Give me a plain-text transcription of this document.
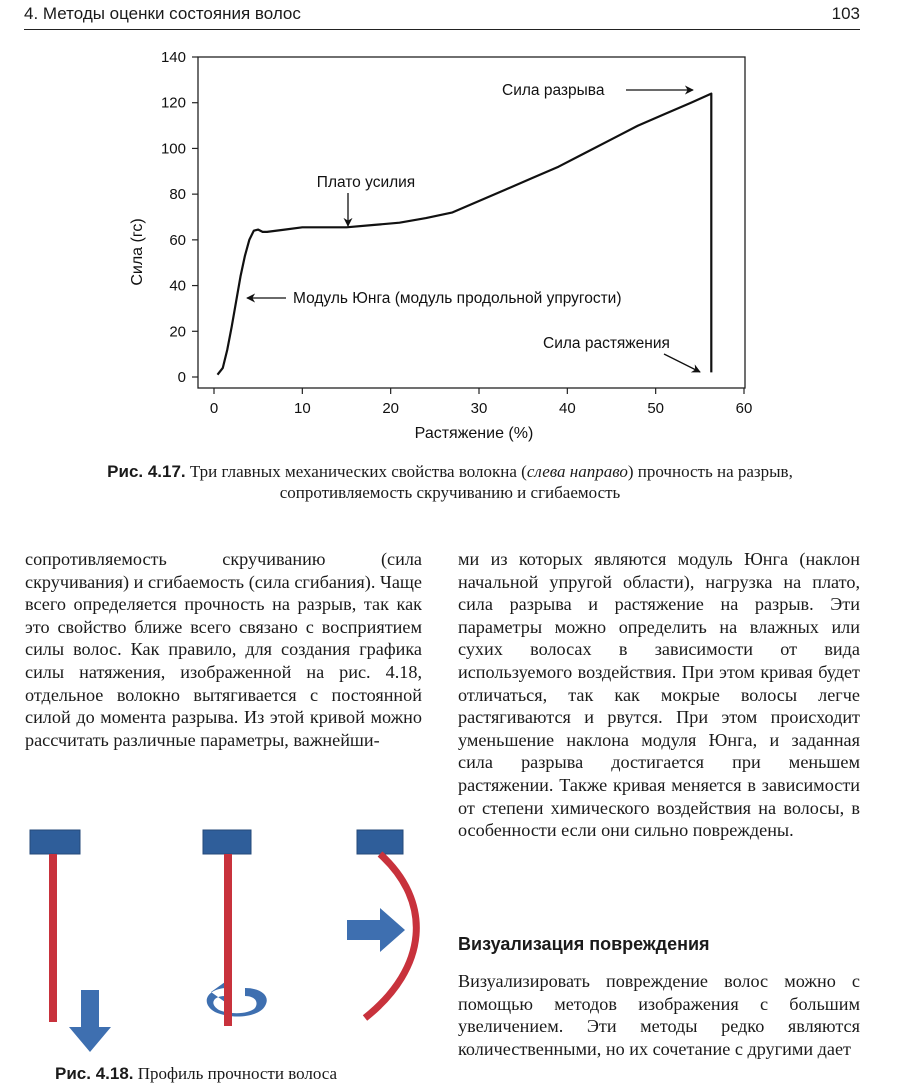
4. Методы оценки состояния волос	103
0
20
40
60
80
100
120
140
0	10	20	30	40	50	60
Растяжение (%)
Сила (гс)
Сила разрыва
Плато усилия
Модуль Юнга (модуль продольной упругости)
Сила растяжения
Рис. 4.17. Три главных механических свойства волокна (слева направо) прочность на разрыв,
сопротивляемость скручиванию и сгибаемость

сопротивляемость скручиванию (сила скручивания) и сгибаемость (сила сгибания). Чаще всего определяется прочность на разрыв, так как это свойство ближе всего связано с восприятием силы волос. Как правило, для создания графика силы натяжения, изображенной на рис. 4.18, отдельное волокно вытягивается с постоянной силой до момента разрыва. Из этой кривой можно рассчитать различные параметры, важнейши-

ми из которых являются модуль Юнга (наклон начальной упругой области), нагрузка на плато, сила разрыва и растяжение на разрыв. Эти параметры можно определить на влажных или сухих волосах в зависимости от вида используемого воздействия. При этом кривая будет отличаться, так как мокрые волосы легче растягиваются и рвутся. При этом происходит уменьшение наклона модуля Юнга, и заданная сила разрыва достигается при меньшем растяжении. Также кривая меняется в зависимости от степени химического воздействия на волосы, в особенности если они сильно повреждены.

Визуализация повреждения

Визуализировать повреждение волос можно с помощью методов изображения с большим увеличением. Эти методы редко являются количественными, но их сочетание с другими дает

Рис. 4.18. Профиль прочности волоса
